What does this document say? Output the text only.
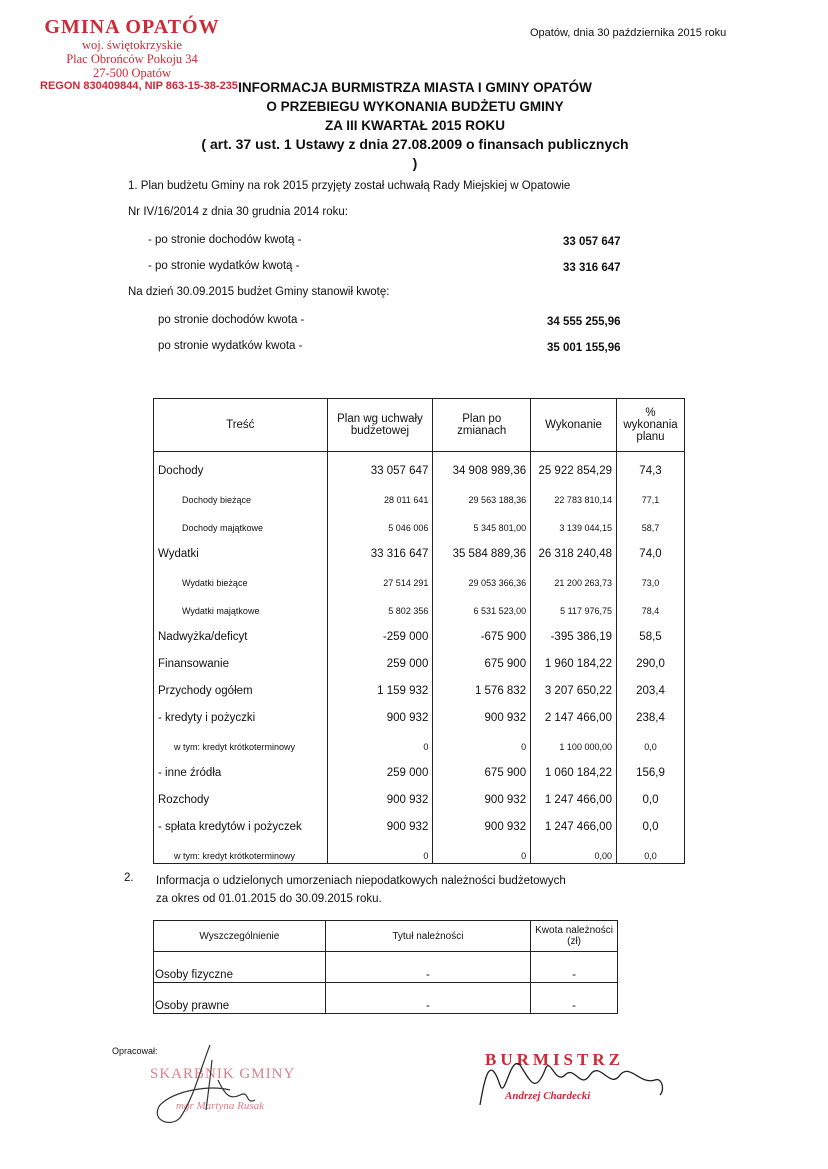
GMINA OPATÓW
woj. świętokrzyskie
Plac Obrońców Pokoju 34
27-500 Opatów
REGON 830409844, NIP 863-15-38-235
Opatów, dnia 30 października 2015 roku
INFORMACJA BURMISTRZA MIASTA I GMINY OPATÓW
O PRZEBIEGU WYKONANIA BUDŻETU GMINY
ZA III KWARTAŁ 2015 ROKU
( art. 37 ust. 1 Ustawy z dnia 27.08.2009 o finansach publicznych )
1. Plan budżetu Gminy na rok 2015 przyjęty został uchwałą Rady Miejskiej w Opatowie
Nr IV/16/2014 z dnia 30 grudnia 2014 roku:
- po stronie dochodów kwotą -	33 057 647
- po stronie wydatków kwotą -	33 316 647
Na dzień 30.09.2015 budżet Gminy stanowił kwotę:
po stronie dochodów kwota -	34 555 255,96
po stronie wydatków kwota -	35 001 155,96
Treść	Plan wg uchwały budżetowej	Plan po zmianach	Wykonanie	% wykonania planu
Dochody	33 057 647	34 908 989,36	25 922 854,29	74,3
Dochody bieżące	28 011 641	29 563 188,36	22 783 810,14	77,1
Dochody majątkowe	5 046 006	5 345 801,00	3 139 044,15	58,7
Wydatki	33 316 647	35 584 889,36	26 318 240,48	74,0
Wydatki bieżące	27 514 291	29 053 366,36	21 200 263,73	73,0
Wydatki majątkowe	5 802 356	6 531 523,00	5 117 976,75	78,4
Nadwyżka/deficyt	-259 000	-675 900	-395 386,19	58,5
Finansowanie	259 000	675 900	1 960 184,22	290,0
Przychody ogółem	1 159 932	1 576 832	3 207 650,22	203,4
- kredyty i pożyczki	900 932	900 932	2 147 466,00	238,4
w tym: kredyt krótkoterminowy	0	0	1 100 000,00	0,0
- inne źródła	259 000	675 900	1 060 184,22	156,9
Rozchody	900 932	900 932	1 247 466,00	0,0
- spłata kredytów i pożyczek	900 932	900 932	1 247 466,00	0,0
w tym: kredyt krótkoterminowy	0	0	0,00	0,0
2. Informacja o udzielonych umorzeniach niepodatkowych należności budżetowych
za okres od 01.01.2015 do 30.09.2015 roku.
Wyszczególnienie	Tytuł należności	Kwota należności (zł)
Osoby fizyczne	-	-
Osoby prawne	-	-
Opracował:
SKARBNIK GMINY
mgr Martyna Rusak
BURMISTRZ
Andrzej Chardecki
